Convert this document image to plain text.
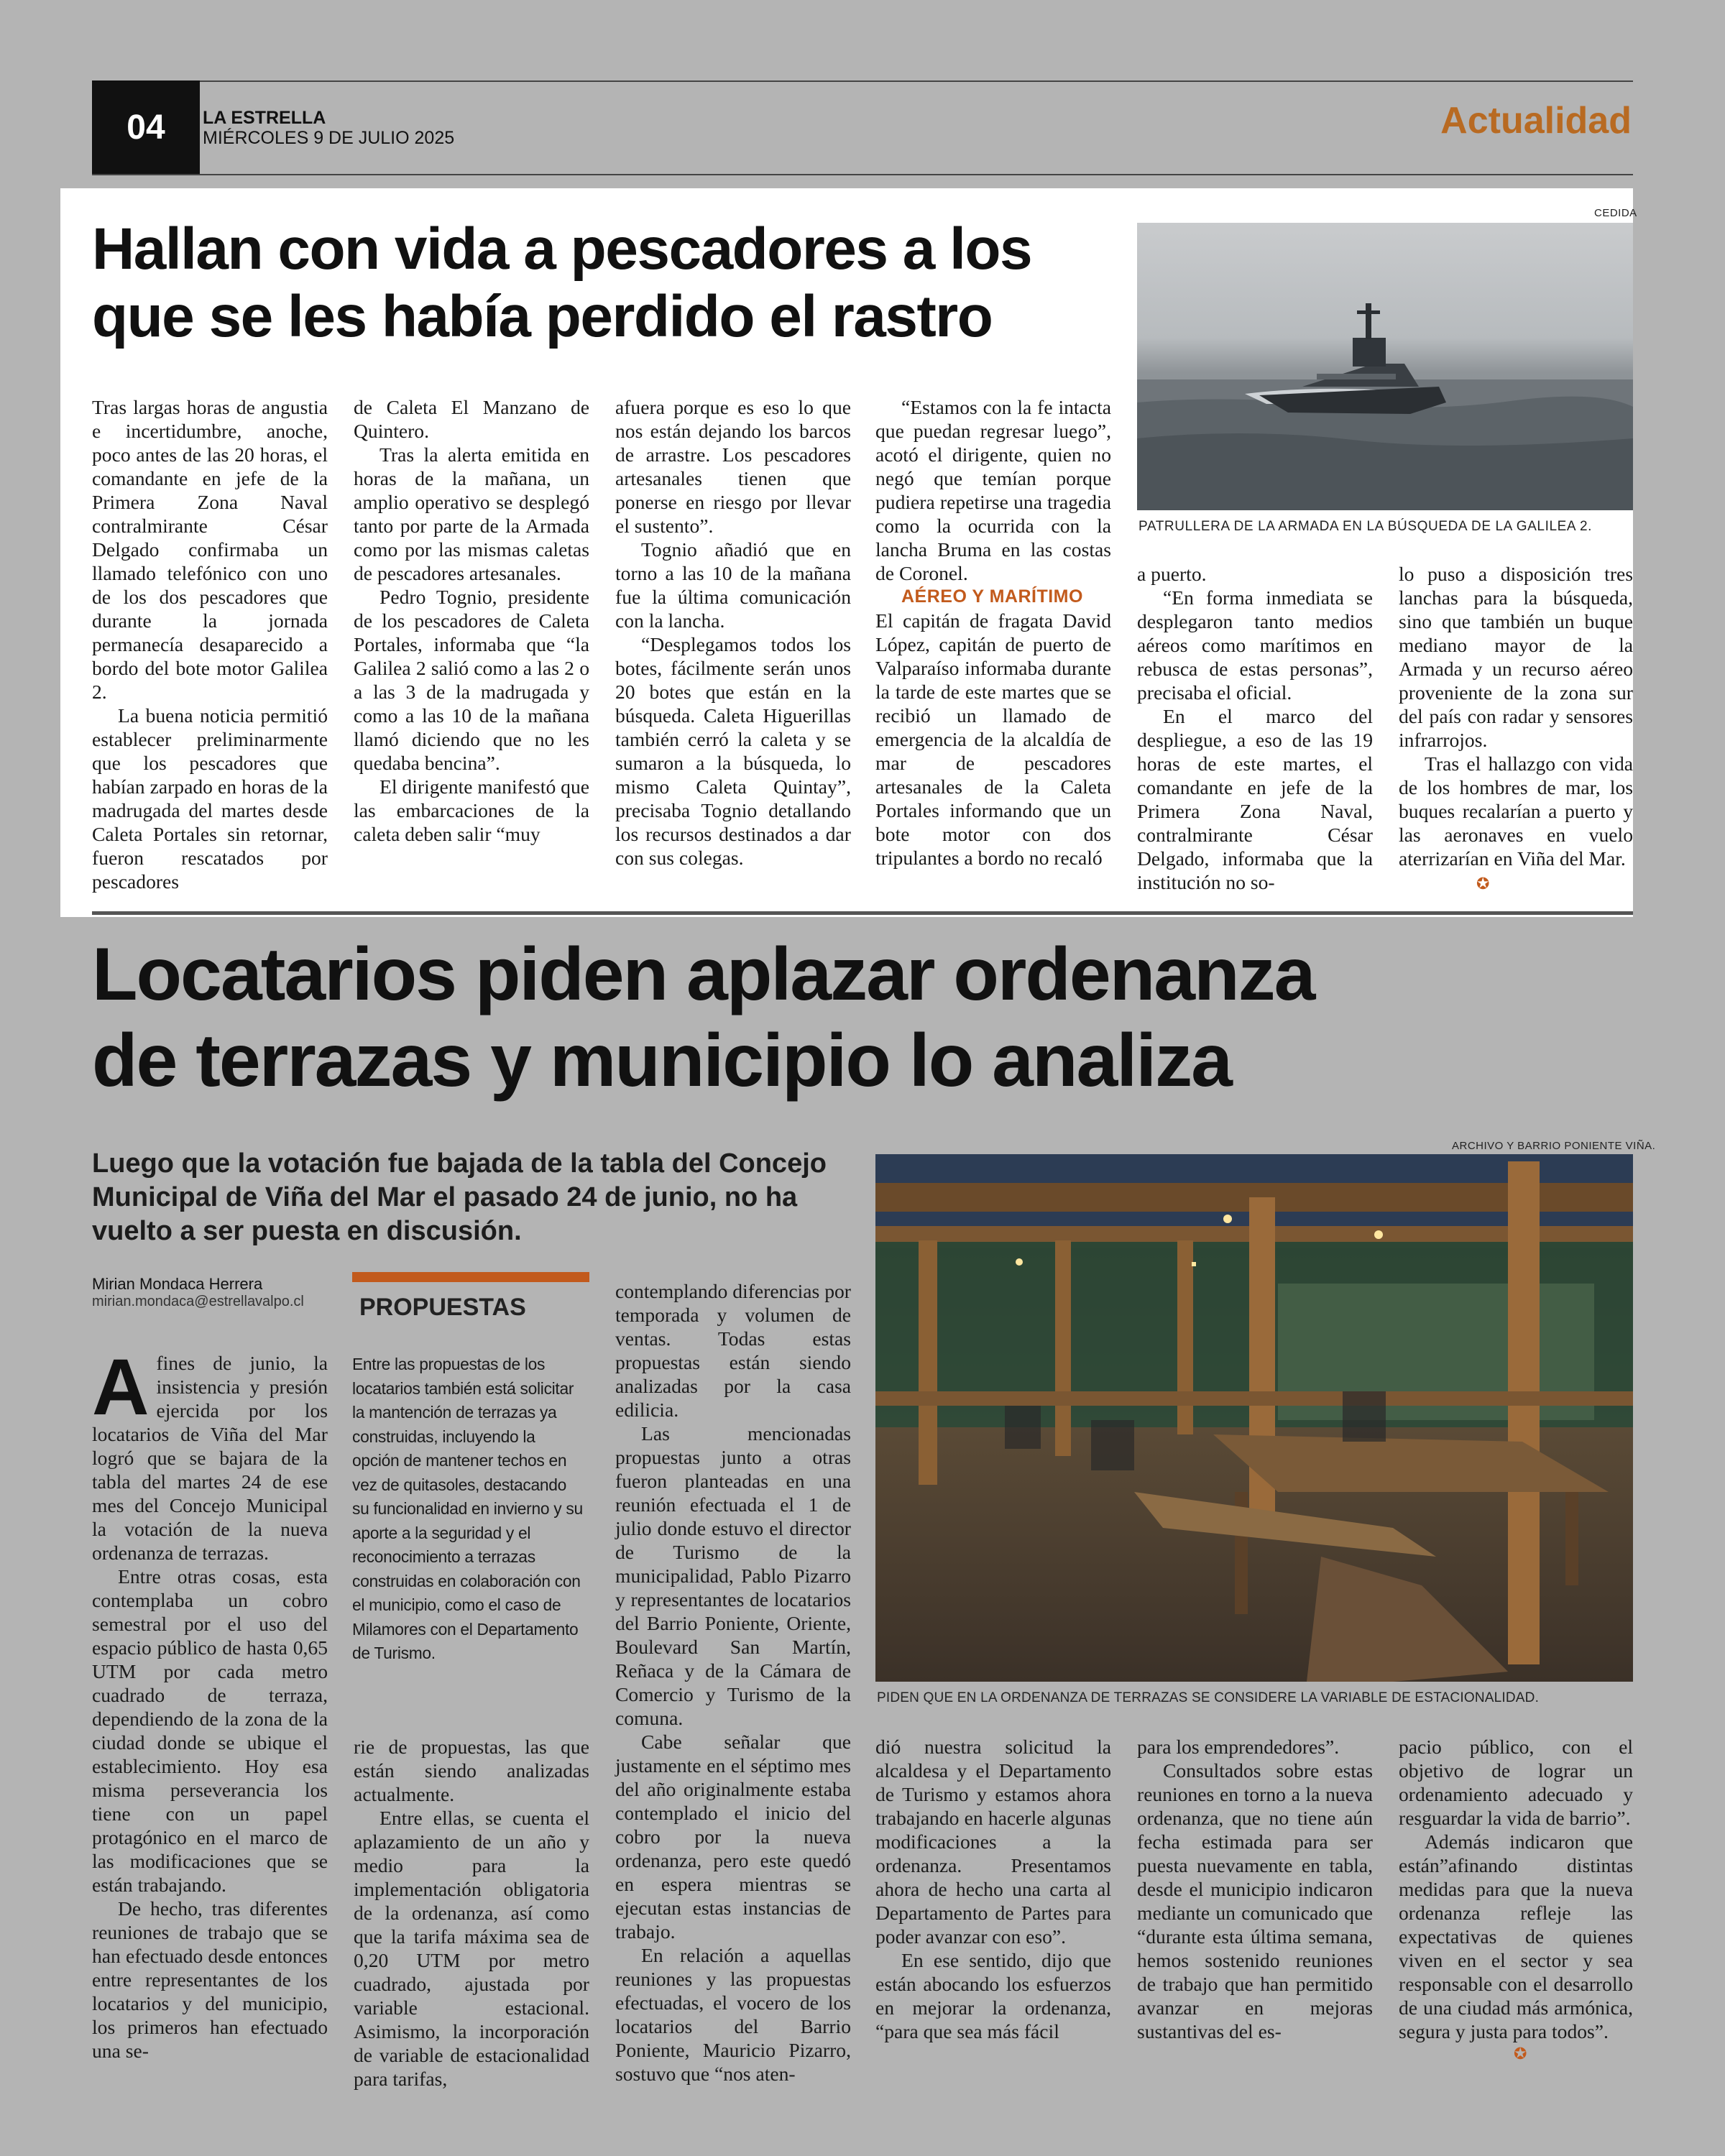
04	LA ESTRELLA
MIÉRCOLES 9 DE JULIO 2025	Actualidad
Hallan con vida a pescadores a los
que se les había perdido el rastro
CEDIDA
PATRULLERA DE LA ARMADA EN LA BÚSQUEDA DE LA GALILEA 2.

Tras largas horas de angustia e incertidumbre, anoche, poco antes de las 20 horas, el comandante en jefe de la Primera Zona Naval contralmirante César Delgado confirmaba un llamado telefónico con uno de los dos pescadores que durante la jornada permanecía desaparecido a bordo del bote motor Galilea 2.

La buena noticia permitió establecer preliminarmente que los pescadores que habían zarpado en horas de la madrugada del martes desde Caleta Portales sin retornar, fueron rescatados por pescadores

de Caleta El Manzano de Quintero.

Tras la alerta emitida en horas de la mañana, un amplio operativo se desplegó tanto por parte de la Armada como por las mismas caletas de pescadores artesanales.

Pedro Tognio, presidente de los pescadores de Caleta Portales, informaba que “la Galilea 2 salió como a las 2 o a las 3 de la madrugada y como a las 10 de la mañana llamó diciendo que no les quedaba bencina”.

El dirigente manifestó que las embarcaciones de la caleta deben salir “muy

afuera porque es eso lo que nos están dejando los barcos de arrastre. Los pescadores artesanales tienen que ponerse en riesgo por llevar el sustento”.

Tognio añadió que en torno a las 10 de la mañana fue la última comunicación con la lancha.

“Desplegamos todos los botes, fácilmente serán unos 20 botes que están en la búsqueda. Caleta Higuerillas también cerró la caleta y se sumaron a la búsqueda, lo mismo Caleta Quintay”, precisaba Tognio detallando los recursos destinados a dar con sus colegas.

“Estamos con la fe intacta que puedan regresar luego”, acotó el dirigente, quien no negó que temían porque pudiera repetirse una tragedia como la ocurrida con la lancha Bruma en las costas de Coronel.

AÉREO Y MARÍTIMO

El capitán de fragata David López, capitán de puerto de Valparaíso informaba durante la tarde de este martes que se recibió un llamado de emergencia de la alcaldía de mar de pescadores artesanales de la Caleta Portales informando que un bote motor con dos tripulantes a bordo no recaló

a puerto.

“En forma inmediata se desplegaron tanto medios aéreos como marítimos en rebusca de estas personas”, precisaba el oficial.

En el marco del despliegue, a eso de las 19 horas de este martes, el comandante en jefe de la Primera Zona Naval, contralmirante César Delgado, informaba que la institución no so-

lo puso a disposición tres lanchas para la búsqueda, sino que también un buque mediano mayor de la Armada y un recurso aéreo proveniente de la zona sur del país con radar y sensores infrarrojos.

Tras el hallazgo con vida de los hombres de mar, los buques recalarían a puerto y las aeronaves en vuelo aterrizarían en Viña del Mar.

✪
Locatarios piden aplazar ordenanza
de terrazas y municipio lo analiza
Luego que la votación fue bajada de la tabla del Concejo Municipal de Viña del Mar el pasado 24 de junio, no ha vuelto a ser puesta en discusión.
ARCHIVO Y BARRIO PONIENTE VIÑA.
PIDEN QUE EN LA ORDENANZA DE TERRAZAS SE CONSIDERE LA VARIABLE DE ESTACIONALIDAD.
Mirian Mondaca Herrera
mirian.mondaca@estrellavalpo.cl PROPUESTAS
Entre las propuestas de los locatarios también está solicitar la mantención de terrazas ya construidas, incluyendo la opción de mantener techos en vez de quitasoles, destacando su funcionalidad en invierno y su aporte a la seguridad y el reconocimiento a terrazas construidas en colaboración con el municipio, como el caso de Milamores con el Departamento de Turismo.

Afines de junio, la insistencia y presión ejercida por los locatarios de Viña del Mar logró que se bajara de la tabla del martes 24 de ese mes del Concejo Municipal la votación de la nueva ordenanza de terrazas.

Entre otras cosas, esta contemplaba un cobro semestral por el uso del espacio público de hasta 0,65 UTM por cada metro cuadrado de terraza, dependiendo de la zona de la ciudad donde se ubique el establecimiento. Hoy esa misma perseverancia los tiene con un papel protagónico en el marco de las modificaciones que se están trabajando.

De hecho, tras diferentes reuniones de trabajo que se han efectuado desde entonces entre representantes de los locatarios y del municipio, los primeros han efectuado una se-

rie de propuestas, las que están siendo analizadas actualmente.

Entre ellas, se cuenta el aplazamiento de un año y medio para la implementación obligatoria de la ordenanza, así como que la tarifa máxima sea de 0,20 UTM por metro cuadrado, ajustada por variable estacional. Asimismo, la incorporación de variable de estacionalidad para tarifas,

contemplando diferencias por temporada y volumen de ventas. Todas estas propuestas están siendo analizadas por la casa edilicia.

Las mencionadas propuestas junto a otras fueron planteadas en una reunión efectuada el 1 de julio donde estuvo el director de Turismo de la municipalidad, Pablo Pizarro y representantes de locatarios del Barrio Poniente, Oriente, Boulevard San Martín, Reñaca y de la Cámara de Comercio y Turismo de la comuna.

Cabe señalar que justamente en el séptimo mes del año originalmente estaba contemplado el inicio del cobro por la nueva ordenanza, pero este quedó en espera mientras se ejecutan estas instancias de trabajo.

En relación a aquellas reuniones y las propuestas efectuadas, el vocero de los locatarios del Barrio Poniente, Mauricio Pizarro, sostuvo que “nos aten-

dió nuestra solicitud la alcaldesa y el Departamento de Turismo y estamos ahora trabajando en hacerle algunas modificaciones a la ordenanza. Presentamos ahora de hecho una carta al Departamento de Partes para poder avanzar con eso”.

En ese sentido, dijo que están abocando los esfuerzos en mejorar la ordenanza, “para que sea más fácil

para los emprendedores”.

Consultados sobre estas reuniones en torno a la nueva ordenanza, que no tiene aún fecha estimada para ser puesta nuevamente en tabla, desde el municipio indicaron mediante un comunicado que “durante esta última semana, hemos sostenido reuniones de trabajo que han permitido avanzar en mejoras sustantivas del es-

pacio público, con el objetivo de lograr un ordenamiento adecuado y resguardar la vida de barrio”.

Además indicaron que están”afinando distintas medidas para que la nueva ordenanza refleje las expectativas de quienes viven en el sector y sea responsable con el desarrollo de una ciudad más armónica, segura y justa para todos”.

✪
